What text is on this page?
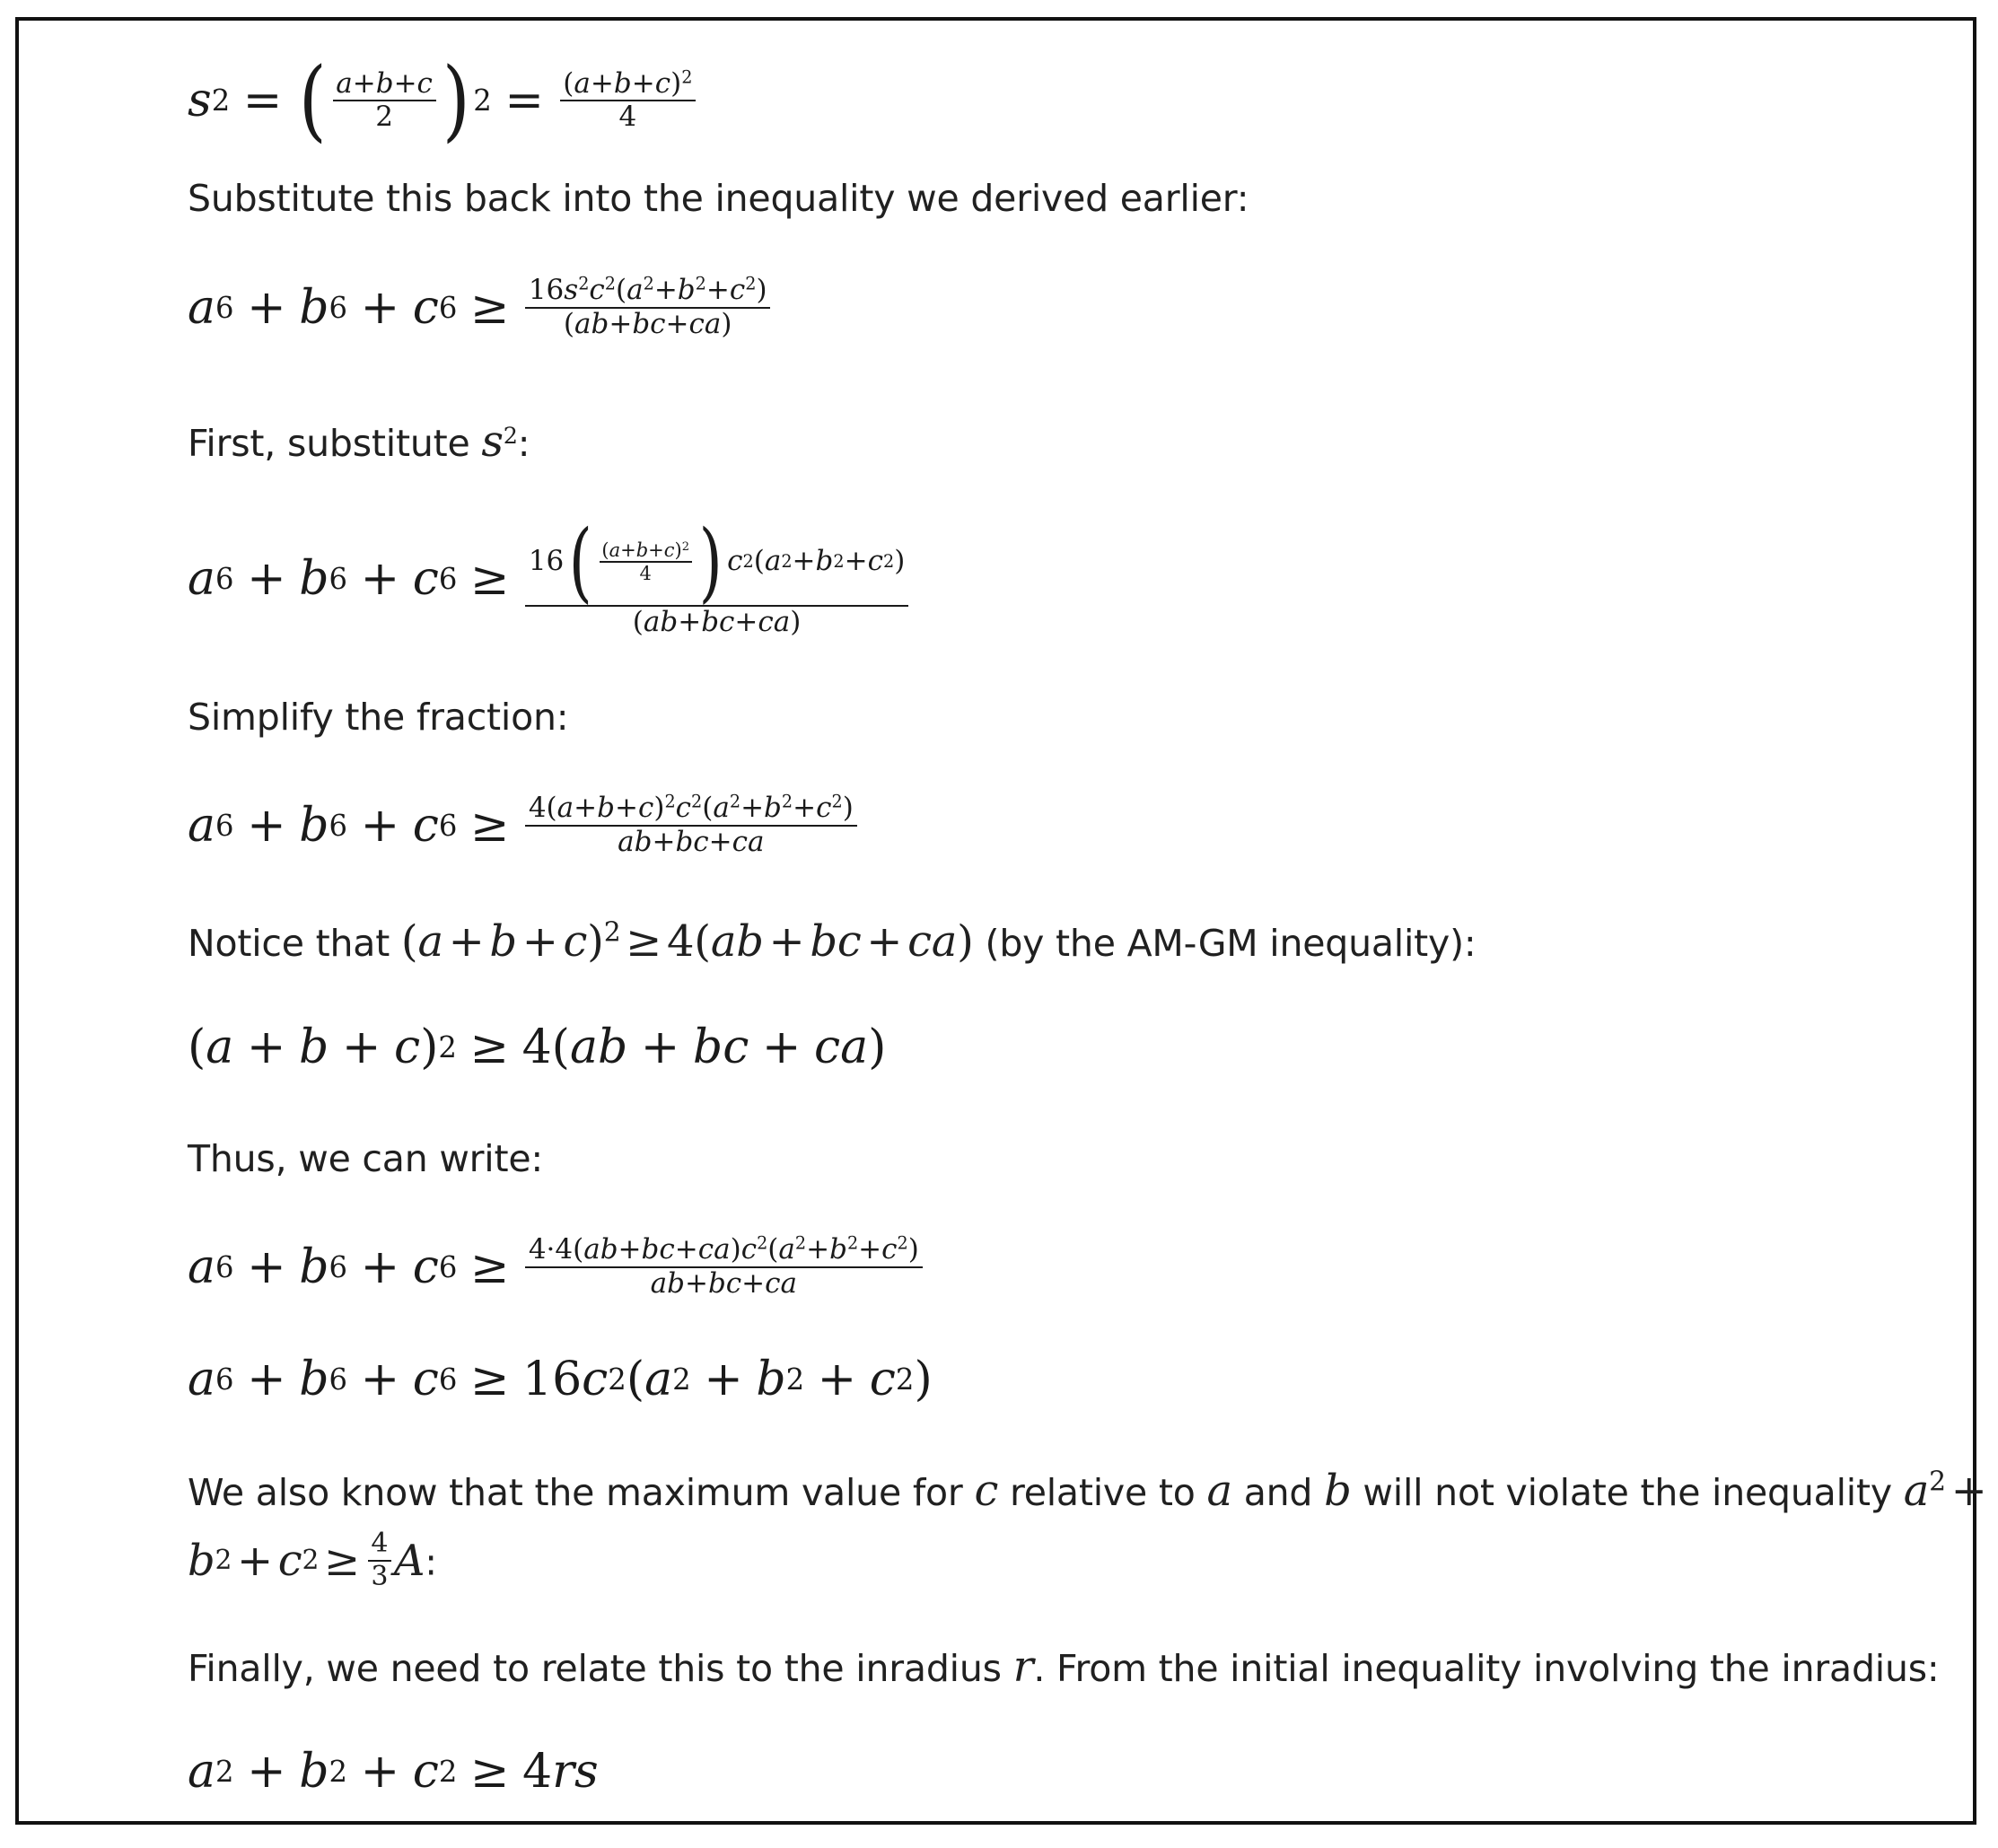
s 2 = ( $\frac{a+b+c}{2}$ ) $2 = \frac{(a+b+c)^2}{4}$
Substitute this back into the inequality we derived earlier:
a 6 + b 6 + c $6 \ge \frac{16s^2c^2(a^2+b^2+c^2)}{(ab+bc+ca)}$
First, substitute $s^2$:
a 6 + b 6 + c $6 \ge \frac{16 ( \frac{(a+b+c)^2}{4} ) c 2 ( a 2 + b 2 + c 2 )}{(ab+bc+ca)}$
Simplify the fraction:
a 6 + b 6 + c $6 \ge \frac{4(a+b+c)^2c^2(a^2+b^2+c^2)}{ab+bc+ca}$
Notice that $(a + b + c)^2 \ge 4(ab$ + bc + ca) (by the AM-GM inequality):
( a + b + c ) 2 ≥ 4( ab + bc + ca )
Thus, we can write:
a 6 + b 6 + c $6 \ge \frac{4\cdot 4(ab+bc+ca)c^2(a^2+b^2+c^2)}{ab+bc+ca}$
a 6 + b 6 + c 6 ≥ 16 c 2 ( a 2 + b 2 + c 2 )
We also know that the maximum value for c relative to a and b will not violate the inequality $a^2$ +
b 2 + c $2 \ge \frac{4}{3}$ A :
Finally, we need to relate this to the inradius r. From the initial inequality involving the inradius:
a 2 + b 2 + c 2 ≥ 4 rs
